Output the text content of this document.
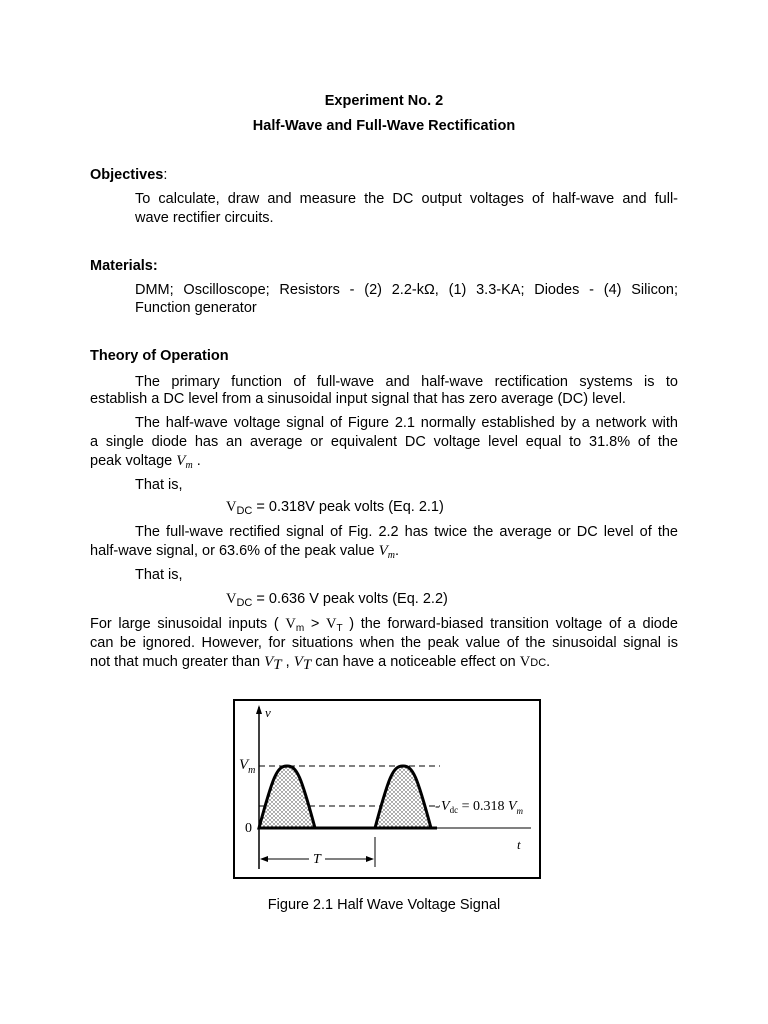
Experiment No. 2
Half-Wave and Full-Wave Rectification
Objectives:
To calculate, draw and measure the DC output voltages of half-wave and full-
wave rectifier circuits.
Materials:
DMM; Oscilloscope; Resistors - (2) 2.2-kΩ, (1) 3.3-KA; Diodes - (4) Silicon;
Function generator
Theory of Operation
The primary function of full-wave and half-wave rectification systems is to
establish a DC level from a sinusoidal input signal that has zero average (DC) level.
The half-wave voltage signal of Figure 2.1 normally established by a network with
a single diode has an average or equivalent DC voltage level equal to 31.8% of the
peak voltage $V_m$ .
That is,
$V_{DC} = 0.318V$ peak volts (Eq. 2.1)
The full-wave rectified signal of Fig. 2.2 has twice the average or DC level of the
half-wave signal, or 63.6% of the peak value $V_m$.
That is,
$V_{DC} = 0.636$ V peak volts (Eq. 2.2)
For large sinusoidal inputs ( $V_m > V_T$ ) the forward-biased transition voltage of a diode
can be ignored. However, for situations when the peak value of the sinusoidal signal is
not that much greater than $V_T$ , $V_T$ can have a noticeable effect on VDC.
v
$V_m$
0
t
T
$V_{dc} = 0.318$ $V_m$
-
Figure 2.1 Half Wave Voltage Signal
